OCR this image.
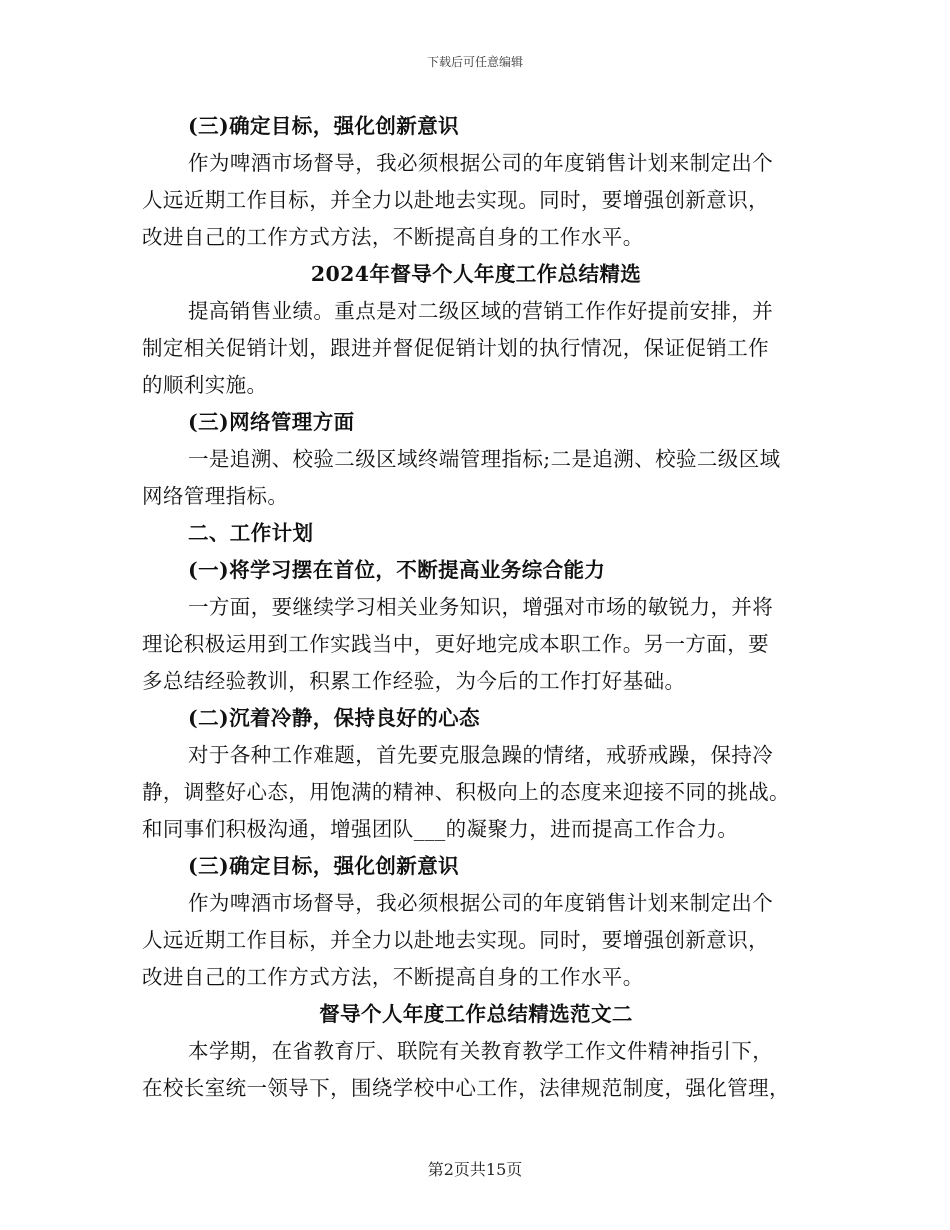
下载后可任意编辑
(三)确定目标，强化创新意识
作为啤酒市场督导，我必须根据公司的年度销售计划来制定出个
人远近期工作目标，并全力以赴地去实现。同时，要增强创新意识，
改进自己的工作方式方法，不断提高自身的工作水平。
2024年督导个人年度工作总结精选
提高销售业绩。重点是对二级区域的营销工作作好提前安排，并
制定相关促销计划，跟进并督促促销计划的执行情况，保证促销工作
的顺利实施。
(三)网络管理方面
一是追溯、校验二级区域终端管理指标;二是追溯、校验二级区域
网络管理指标。
二、工作计划
(一)将学习摆在首位，不断提高业务综合能力
一方面，要继续学习相关业务知识，增强对市场的敏锐力，并将
理论积极运用到工作实践当中，更好地完成本职工作。另一方面，要
多总结经验教训，积累工作经验，为今后的工作打好基础。
(二)沉着冷静，保持良好的心态
对于各种工作难题，首先要克服急躁的情绪，戒骄戒躁，保持冷
静，调整好心态，用饱满的精神、积极向上的态度来迎接不同的挑战。
和同事们积极沟通，增强团队___的凝聚力，进而提高工作合力。
(三)确定目标，强化创新意识
作为啤酒市场督导，我必须根据公司的年度销售计划来制定出个
人远近期工作目标，并全力以赴地去实现。同时，要增强创新意识，
改进自己的工作方式方法，不断提高自身的工作水平。
督导个人年度工作总结精选范文二
本学期，在省教育厅、联院有关教育教学工作文件精神指引下，
在校长室统一领导下，围绕学校中心工作，法律规范制度，强化管理，
第2页共15页
